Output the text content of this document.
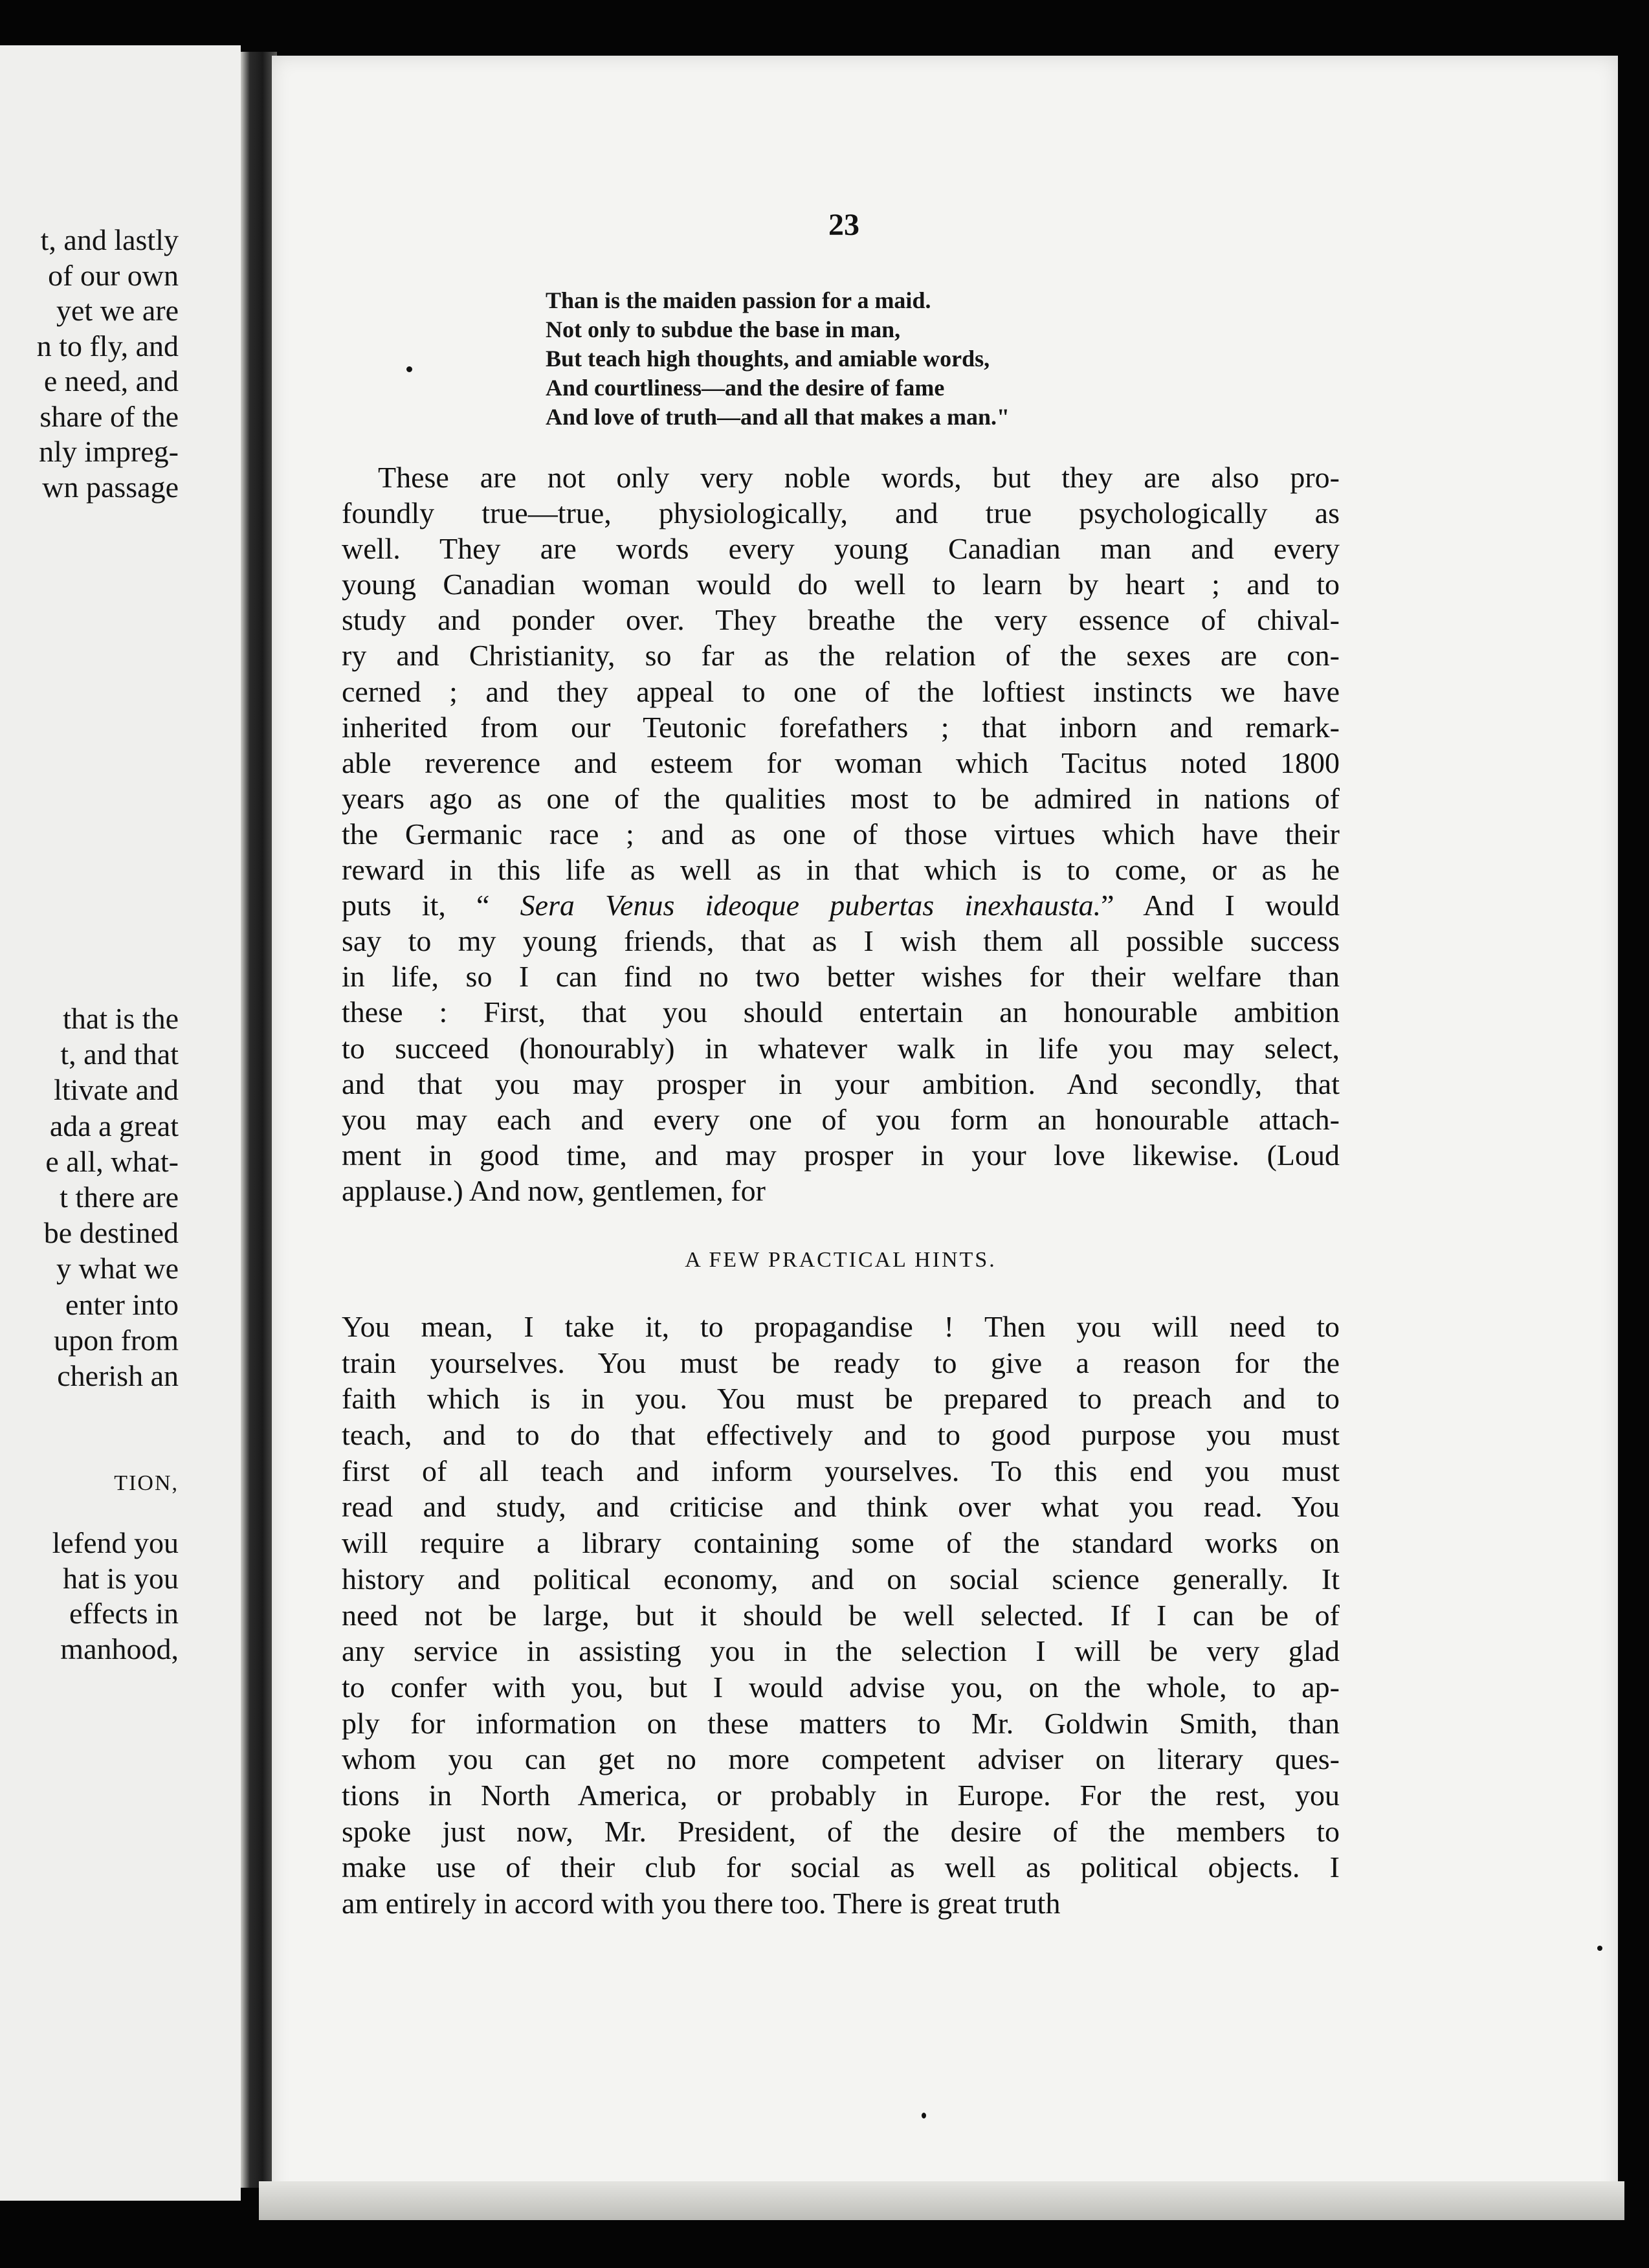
t, and lastly
of our own
yet we are
n to fly, and
e need, and
share of the
nly impreg-
wn passage
that is the
t, and that
ltivate and
ada a great
e all, what-
t there are
be destined
y what we
enter into
upon from
cherish an
lefend you
hat is you
effects in
manhood,
TION,
23
Than is the maiden passion for a maid.
Not only to subdue the base in man,
But teach high thoughts, and amiable words,
And courtliness—and the desire of fame
And love of truth—and all that makes a man."
These are not only very noble words, but they are also pro-
foundly true—true, physiologically, and true psychologically as
well. They are words every young Canadian man and every
young Canadian woman would do well to learn by heart ; and to
study and ponder over. They breathe the very essence of chival-
ry and Christianity, so far as the relation of the sexes are con-
cerned ; and they appeal to one of the loftiest instincts we have
inherited from our Teutonic forefathers ; that inborn and remark-
able reverence and esteem for woman which Tacitus noted 1800
years ago as one of the qualities most to be admired in nations of
the Germanic race ; and as one of those virtues which have their
reward in this life as well as in that which is to come, or as he
puts it, “ Sera Venus ideoque pubertas inexhausta.” And I would
say to my young friends, that as I wish them all possible success
in life, so I can find no two better wishes for their welfare than
these : First, that you should entertain an honourable ambition
to succeed (honourably) in whatever walk in life you may select,
and that you may prosper in your ambition. And secondly, that
you may each and every one of you form an honourable attach-
ment in good time, and may prosper in your love likewise. (Loud
applause.) And now, gentlemen, for
A FEW PRACTICAL HINTS.
You mean, I take it, to propagandise ! Then you will need to
train yourselves. You must be ready to give a reason for the
faith which is in you. You must be prepared to preach and to
teach, and to do that effectively and to good purpose you must
first of all teach and inform yourselves. To this end you must
read and study, and criticise and think over what you read. You
will require a library containing some of the standard works on
history and political economy, and on social science generally. It
need not be large, but it should be well selected. If I can be of
any service in assisting you in the selection I will be very glad
to confer with you, but I would advise you, on the whole, to ap-
ply for information on these matters to Mr. Goldwin Smith, than
whom you can get no more competent adviser on literary ques-
tions in North America, or probably in Europe. For the rest, you
spoke just now, Mr. President, of the desire of the members to
make use of their club for social as well as political objects. I
am entirely in accord with you there too. There is great truth
